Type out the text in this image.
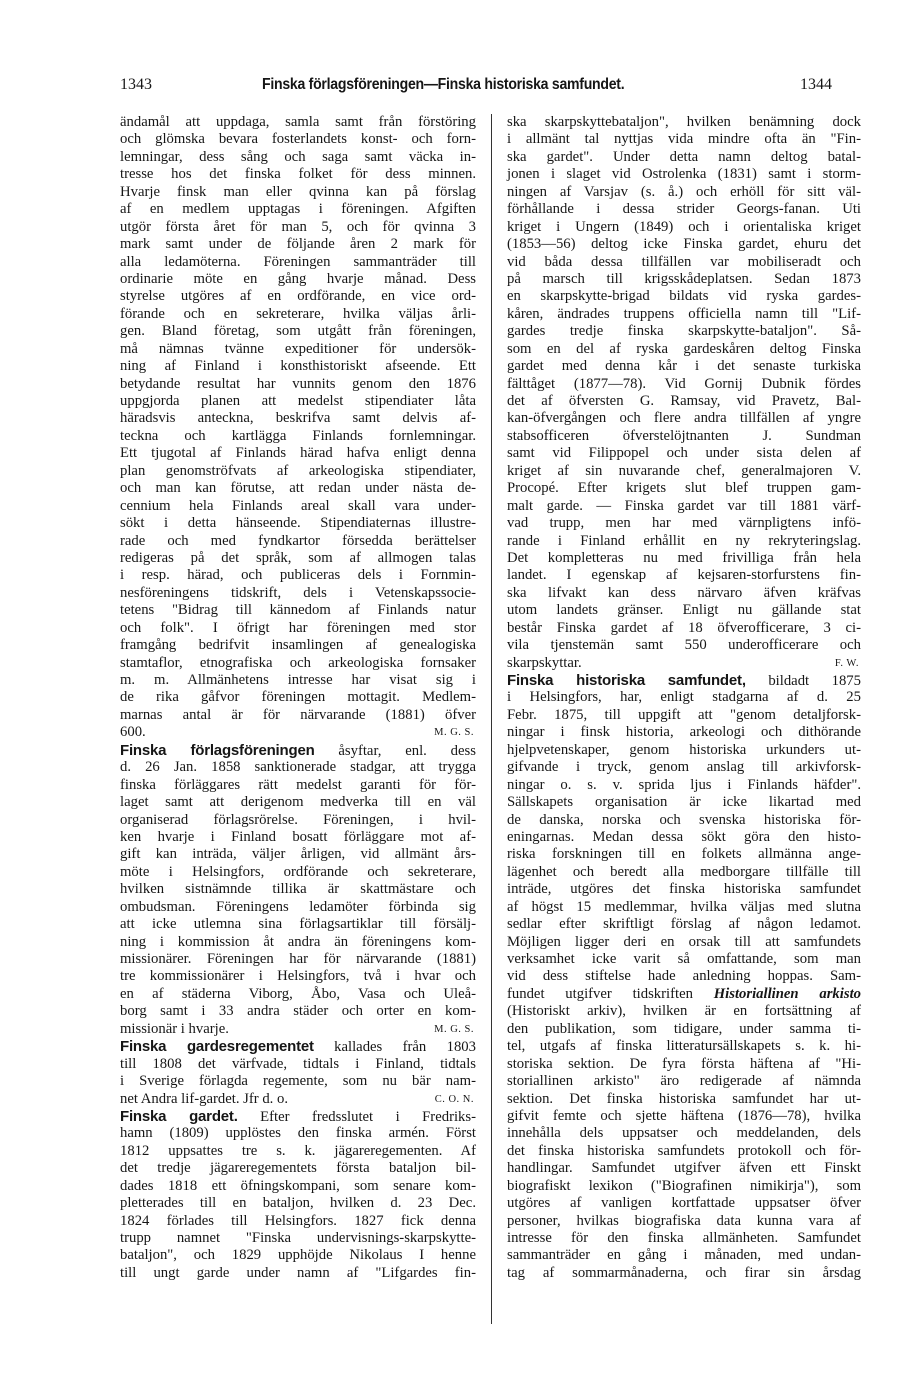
1343	Finska förlagsföreningen—Finska historiska samfundet.	1344
ändamål att uppdaga, samla samt från förstöring
och glömska bevara fosterlandets konst- och forn-
lemningar, dess sång och saga samt väcka in-
tresse hos det finska folket för dess minnen.
Hvarje finsk man eller qvinna kan på förslag
af en medlem upptagas i föreningen. Afgiften
utgör första året för man 5, och för qvinna 3
mark samt under de följande åren 2 mark för
alla ledamöterna. Föreningen sammanträder till
ordinarie möte en gång hvarje månad. Dess
styrelse utgöres af en ordförande, en vice ord-
förande och en sekreterare, hvilka väljas årli-
gen. Bland företag, som utgått från föreningen,
må nämnas tvänne expeditioner för undersök-
ning af Finland i konsthistoriskt afseende. Ett
betydande resultat har vunnits genom den 1876
uppgjorda planen att medelst stipendiater låta
häradsvis anteckna, beskrifva samt delvis af-
teckna och kartlägga Finlands fornlemningar.
Ett tjugotal af Finlands härad hafva enligt denna
plan genomströfvats af arkeologiska stipendiater,
och man kan förutse, att redan under nästa de-
cennium hela Finlands areal skall vara under-
sökt i detta hänseende. Stipendiaternas illustre-
rade och med fyndkartor försedda berättelser
redigeras på det språk, som af allmogen talas
i resp. härad, och publiceras dels i Fornmin-
nesföreningens tidskrift, dels i Vetenskapssocie-
tetens "Bidrag till kännedom af Finlands natur
och folk". I öfrigt har föreningen med stor
framgång bedrifvit insamlingen af genealogiska
stamtaflor, etnografiska och arkeologiska fornsaker
m. m. Allmänhetens intresse har visat sig i
de rika gåfvor föreningen mottagit. Medlem-
marnas antal är för närvarande (1881) öfver
600.	M. G. S.
Finska förlagsföreningen åsyftar, enl. dess
d. 26 Jan. 1858 sanktionerade stadgar, att trygga
finska förläggares rätt medelst garanti för för-
laget samt att derigenom medverka till en väl
organiserad förlagsrörelse. Föreningen, i hvil-
ken hvarje i Finland bosatt förläggare mot af-
gift kan inträda, väljer årligen, vid allmänt års-
möte i Helsingfors, ordförande och sekreterare,
hvilken sistnämnde tillika är skattmästare och
ombudsman. Föreningens ledamöter förbinda sig
att icke utlemna sina förlagsartiklar till försälj-
ning i kommission åt andra än föreningens kom-
missionärer. Föreningen har för närvarande (1881)
tre kommissionärer i Helsingfors, två i hvar och
en af städerna Viborg, Åbo, Vasa och Uleå-
borg samt i 33 andra städer och orter en kom-
missionär i hvarje.	M. G. S.
Finska gardesregementet kallades från 1803
till 1808 det värfvade, tidtals i Finland, tidtals
i Sverige förlagda regemente, som nu bär nam-
net Andra lif-gardet. Jfr d. o.	C. O. N.
Finska gardet. Efter fredsslutet i Fredriks-
hamn (1809) upplöstes den finska armén. Först
1812 uppsattes tre s. k. jägareregementen. Af
det tredje jägareregementets första bataljon bil-
dades 1818 ett öfningskompani, som senare kom-
pletterades till en bataljon, hvilken d. 23 Dec.
1824 förlades till Helsingfors. 1827 fick denna
trupp namnet "Finska undervisnings-skarpskytte-
bataljon", och 1829 upphöjde Nikolaus I henne
till ungt garde under namn af "Lifgardes fin-
ska skarpskyttebataljon", hvilken benämning dock
i allmänt tal nyttjas vida mindre ofta än "Fin-
ska gardet". Under detta namn deltog batal-
jonen i slaget vid Ostrolenka (1831) samt i storm-
ningen af Varsjav (s. å.) och erhöll för sitt väl-
förhållande i dessa strider Georgs-fanan. Uti
kriget i Ungern (1849) och i orientaliska kriget
(1853—56) deltog icke Finska gardet, ehuru det
vid båda dessa tillfällen var mobiliseradt och
på marsch till krigsskådeplatsen. Sedan 1873
en skarpskytte-brigad bildats vid ryska gardes-
kåren, ändrades truppens officiella namn till "Lif-
gardes tredje finska skarpskytte-bataljon". Så-
som en del af ryska gardeskåren deltog Finska
gardet med denna kår i det senaste turkiska
fälttåget (1877—78). Vid Gornij Dubnik fördes
det af öfversten G. Ramsay, vid Pravetz, Bal-
kan-öfvergången och flere andra tillfällen af yngre
stabsofficeren öfverstelöjtnanten J. Sundman
samt vid Filippopel och under sista delen af
kriget af sin nuvarande chef, generalmajoren V.
Procopé. Efter krigets slut blef truppen gam-
malt garde. — Finska gardet var till 1881 värf-
vad trupp, men har med värnpligtens infö-
rande i Finland erhållit en ny rekryteringslag.
Det kompletteras nu med frivilliga från hela
landet. I egenskap af kejsaren-storfurstens fin-
ska lifvakt kan dess närvaro äfven kräfvas
utom landets gränser. Enligt nu gällande stat
består Finska gardet af 18 öfverofficerare, 3 ci-
vila tjenstemän samt 550 underofficerare och
skarpskyttar.	F. W.
Finska historiska samfundet, bildadt 1875
i Helsingfors, har, enligt stadgarna af d. 25
Febr. 1875, till uppgift att "genom detaljforsk-
ningar i finsk historia, arkeologi och dithörande
hjelpvetenskaper, genom historiska urkunders ut-
gifvande i tryck, genom anslag till arkivforsk-
ningar o. s. v. sprida ljus i Finlands häfder".
Sällskapets organisation är icke likartad med
de danska, norska och svenska historiska för-
eningarnas. Medan dessa sökt göra den histo-
riska forskningen till en folkets allmänna ange-
lägenhet och beredt alla medborgare tillfälle till
inträde, utgöres det finska historiska samfundet
af högst 15 medlemmar, hvilka väljas med slutna
sedlar efter skriftligt förslag af någon ledamot.
Möjligen ligger deri en orsak till att samfundets
verksamhet icke varit så omfattande, som man
vid dess stiftelse hade anledning hoppas. Sam-
fundet utgifver tidskriften Historiallinen arkisto
(Historiskt arkiv), hvilken är en fortsättning af
den publikation, som tidigare, under samma ti-
tel, utgafs af finska litteratursällskapets s. k. hi-
storiska sektion. De fyra första häftena af "Hi-
storiallinen arkisto" äro redigerade af nämnda
sektion. Det finska historiska samfundet har ut-
gifvit femte och sjette häftena (1876—78), hvilka
innehålla dels uppsatser och meddelanden, dels
det finska historiska samfundets protokoll och för-
handlingar. Samfundet utgifver äfven ett Finskt
biografiskt lexikon ("Biografinen nimikirja"), som
utgöres af vanligen kortfattade uppsatser öfver
personer, hvilkas biografiska data kunna vara af
intresse för den finska allmänheten. Samfundet
sammanträder en gång i månaden, med undan-
tag af sommarmånaderna, och firar sin årsdag
